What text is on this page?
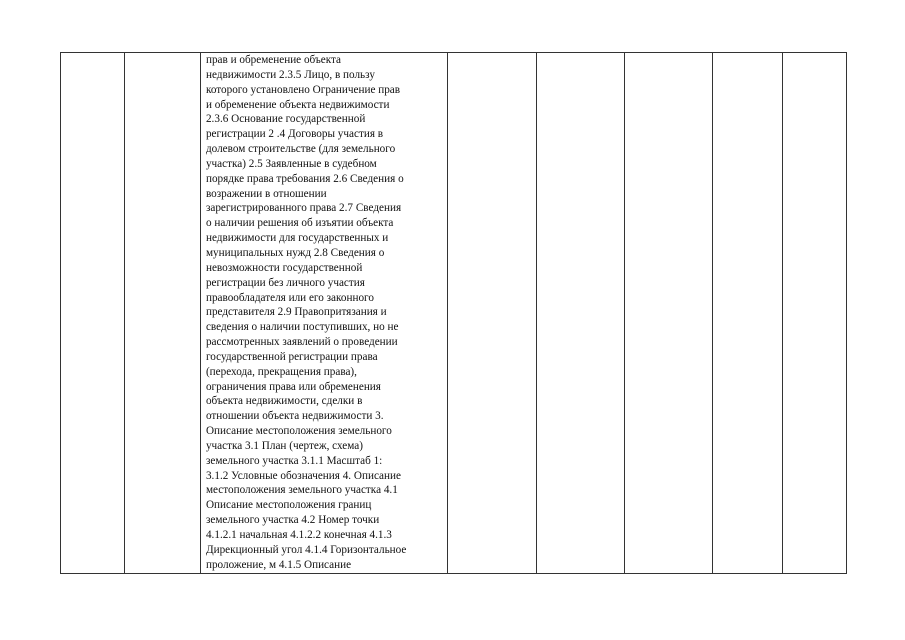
прав и обременение объекта
недвижимости 2.3.5 Лицо, в пользу
которого установлено Ограничение прав
и обременение объекта недвижимости
2.3.6 Основание государственной
регистрации 2 .4 Договоры участия в
долевом строительстве (для земельного
участка) 2.5 Заявленные в судебном
порядке права требования 2.6 Сведения о
возражении в отношении
зарегистрированного права 2.7 Сведения
о наличии решения об изъятии объекта
недвижимости для государственных и
муниципальных нужд 2.8 Сведения о
невозможности государственной
регистрации без личного участия
правообладателя или его законного
представителя 2.9 Правопритязания и
сведения о наличии поступивших, но не
рассмотренных заявлений о проведении
государственной регистрации права
(перехода, прекращения права),
ограничения права или обременения
объекта недвижимости, сделки в
отношении объекта недвижимости 3.
Описание местоположения земельного
участка 3.1 План (чертеж, схема)
земельного участка 3.1.1 Масштаб 1:
3.1.2 Условные обозначения 4. Описание
местоположения земельного участка 4.1
Описание местоположения границ
земельного участка 4.2 Номер точки
4.1.2.1 начальная 4.1.2.2 конечная 4.1.3
Дирекционный угол 4.1.4 Горизонтальное
проложение, м 4.1.5 Описание
